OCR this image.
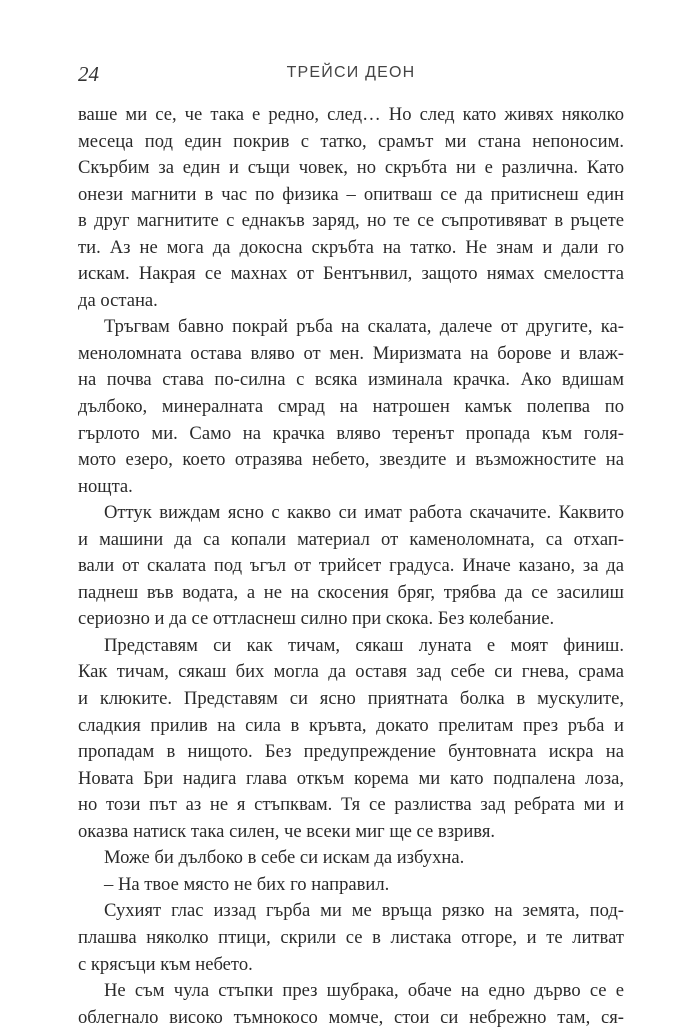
24	ТРЕЙСИ ДЕОН
ваше ми се, че така е редно, след… Но след като живях няколко
месеца под един покрив с татко, срамът ми стана непоносим.
Скърбим за един и същи човек, но скръбта ни е различна. Като
онези магнити в час по физика – опитваш се да притиснеш един
в друг магнитите с еднакъв заряд, но те се съпротивяват в ръцете
ти. Аз не мога да докосна скръбта на татко. Не знам и дали го
искам. Накрая се махнах от Бентънвил, защото нямах смелостта
да остана.
Тръгвам бавно покрай ръба на скалата, далече от другите, ка-
менoломната остава вляво от мен. Миризмата на борове и влаж-
на почва става по-силна с всяка изминала крачка. Ако вдишам
дълбоко, минералната смрад на натрошен камък полепва по
гърлото ми. Само на крачка вляво теренът пропада към голя-
мото езеро, което отразява небето, звездите и възможностите на
нощта.
Оттук виждам ясно с какво си имат работа скачачите. Каквито
и машини да са копали материал от каменoломната, са отхап-
вали от скалата под ъгъл от трийсет градуса. Иначе казано, за да
паднеш във водата, а не на скосения бряг, трябва да се засилиш
сериозно и да се оттласнеш силно при скока. Без колебание.
Представям си как тичам, сякаш луната е моят финиш.
Как тичам, сякаш бих могла да оставя зад себе си гнева, срама
и клюките. Представям си ясно приятната болка в мускулите,
сладкия прилив на сила в кръвта, докато прелитам през ръба и
пропадам в нищото. Без предупреждение бунтовната искра на
Новата Бри надига глава откъм корема ми като подпалена лоза,
но този път аз не я стъпквам. Тя се разлиства зад ребрата ми и
оказва натиск така силен, че всеки миг ще се взривя.
Може би дълбоко в себе си искам да избухна.
– На твое място не бих го направил.
Сухият глас иззад гърба ми ме връща рязко на земята, под-
плашва няколко птици, скрили се в листака отгоре, и те литват
с крясъци към небето.
Не съм чула стъпки през шубрака, обаче на едно дърво се е
облегнало високо тъмнокосо момче, стои си небрежно там, ся-
